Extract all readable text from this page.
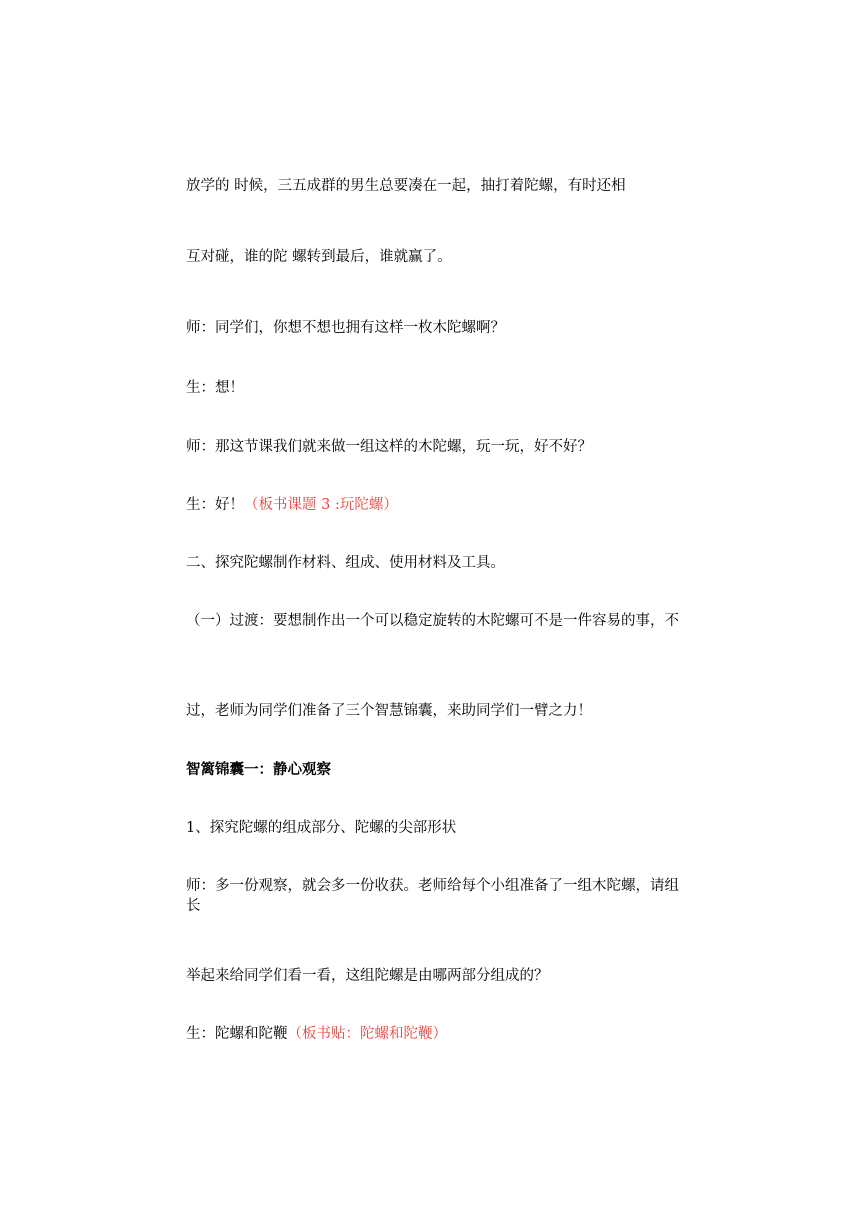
放学的 时候，三五成群的男生总要凑在一起，抽打着陀螺，有时还相

互对碰，谁的陀 螺转到最后，谁就赢了。

师：同学们，你想不想也拥有这样一枚木陀螺啊？

生：想！

师：那这节课我们就来做一组这样的木陀螺，玩一玩，好不好？

生：好！（板书课题 3 :玩陀螺）

二、探究陀螺制作材料、组成、使用材料及工具。

（一）过渡：要想制作出一个可以稳定旋转的木陀螺可不是一件容易的事，不

过，老师为同学们准备了三个智慧锦囊，来助同学们一臂之力！

智篱锦囊一：静心观察

1、探究陀螺的组成部分、陀螺的尖部形状

师：多一份观察，就会多一份收获。老师给每个小组准备了一组木陀螺，请组长

举起来给同学们看一看，这组陀螺是由哪两部分组成的？

生：陀螺和陀鞭（板书贴：陀螺和陀鞭）
